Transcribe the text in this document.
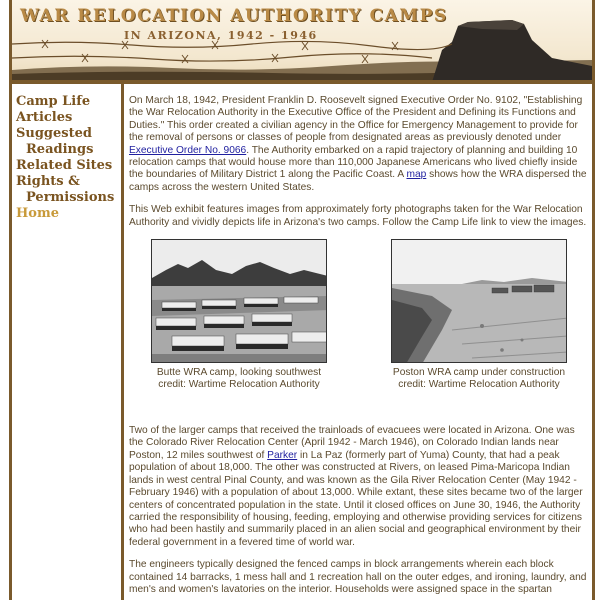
WAR RELOCATION AUTHORITY CAMPS
IN ARIZONA, 1942 - 1946
Camp Life
Articles
Suggested
Readings
Related Sites
Rights &
Permissions
Home

On March 18, 1942, President Franklin D. Roosevelt signed Executive Order No. 9102, "Establishing the War Relocation Authority in the Executive Office of the President and Defining its Functions and Duties." This order created a civilian agency in the Office for Emergency Management to provide for the removal of persons or classes of people from designated areas as previously denoted under Executive Order No. 9066. The Authority embarked on a rapid trajectory of planning and building 10 relocation camps that would house more than 110,000 Japanese Americans who lived chiefly inside the boundaries of Military District 1 along the Pacific Coast. A map shows how the WRA dispersed the camps across the western United States.

This Web exhibit features images from approximately forty photographs taken for the War Relocation Authority and vividly depicts life in Arizona's two camps. Follow the Camp Life link to view the images.

Butte WRA camp, looking southwest
credit: Wartime Relocation Authority
Poston WRA camp under construction
credit: Wartime Relocation Authority

Two of the larger camps that received the trainloads of evacuees were located in Arizona. One was the Colorado River Relocation Center (April 1942 - March 1946), on Colorado Indian lands near Poston, 12 miles southwest of Parker in La Paz (formerly part of Yuma) County, that had a peak population of about 18,000. The other was constructed at Rivers, on leased Pima-Maricopa Indian lands in west central Pinal County, and was known as the Gila River Relocation Center (May 1942 - February 1946) with a population of about 13,000. While extant, these sites became two of the larger centers of concentrated population in the state. Until it closed offices on June 30, 1946, the Authority carried the responsibility of housing, feeding, employing and otherwise providing services for citizens who had been hastily and summarily placed in an alien social and geographical environment by their federal government in a fevered time of world war.

The engineers typically designed the fenced camps in block arrangements wherein each block contained 14 barracks, 1 mess hall and 1 recreation hall on the outer edges, and ironing, laundry, and men's and women's lavatories on the interior. Households were assigned space in the spartan
